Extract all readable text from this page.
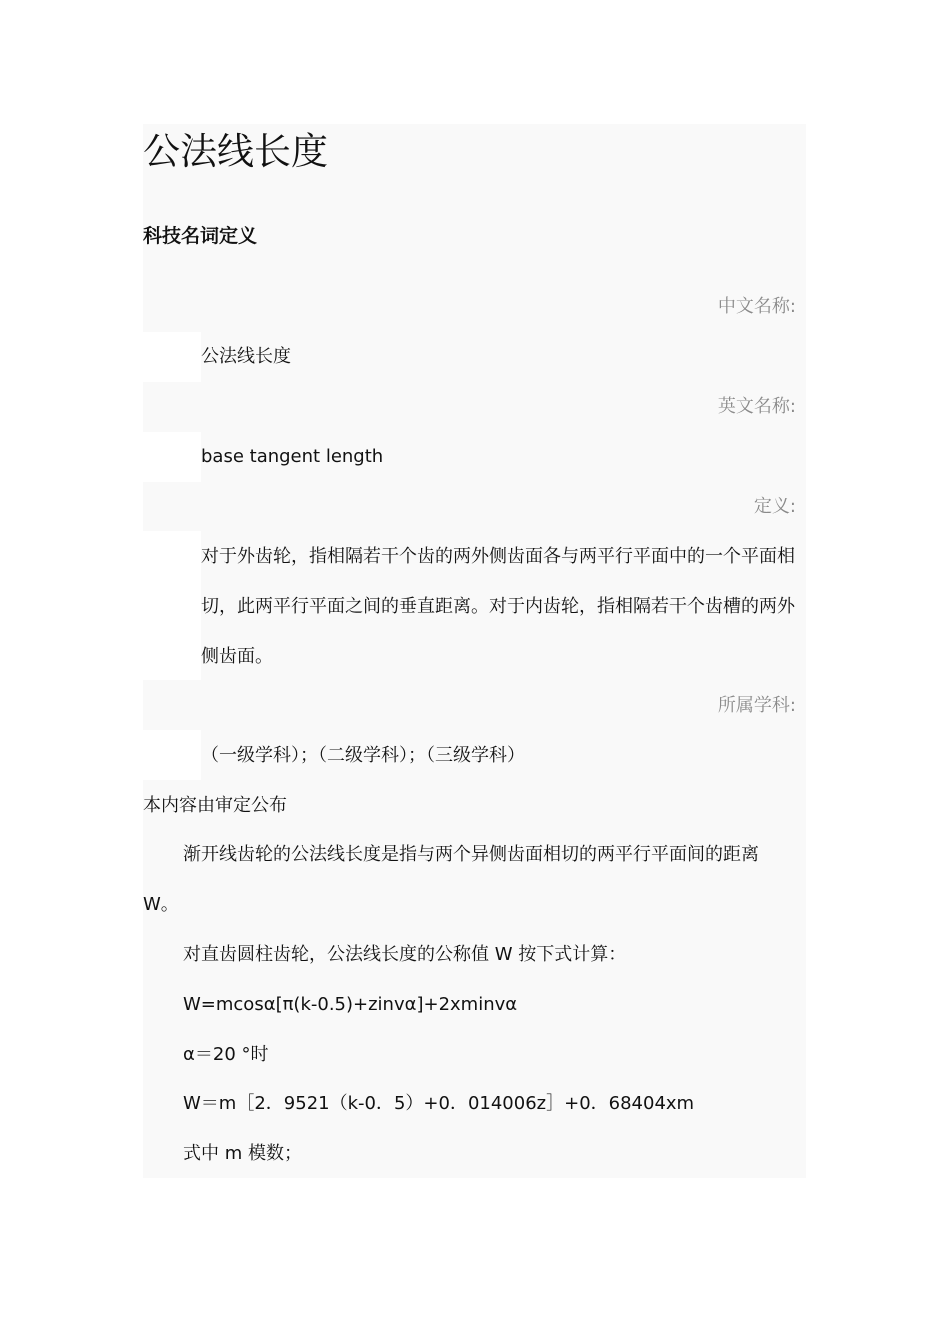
公法线长度
科技名词定义
中文名称:
公法线长度
英文名称:
base tangent length
定义:
对于外齿轮，指相隔若干个齿的两外侧齿面各与两平行平面中的一个平面相切，此两平行平面之间的垂直距离。对于内齿轮，指相隔若干个齿槽的两外侧齿面。
所属学科:
（一级学科）；（二级学科）；（三级学科）
本内容由审定公布
渐开线齿轮的公法线长度是指与两个异侧齿面相切的两平行平面间的距离 W。
对直齿圆柱齿轮，公法线长度的公称值 W 按下式计算：
W=mcosα[π(k-0.5)+zinvα]+2xminvα
α＝20 °时
W＝m［2．9521（k-0．5）+0．014006z］+0．68404xm
式中 m 模数；
